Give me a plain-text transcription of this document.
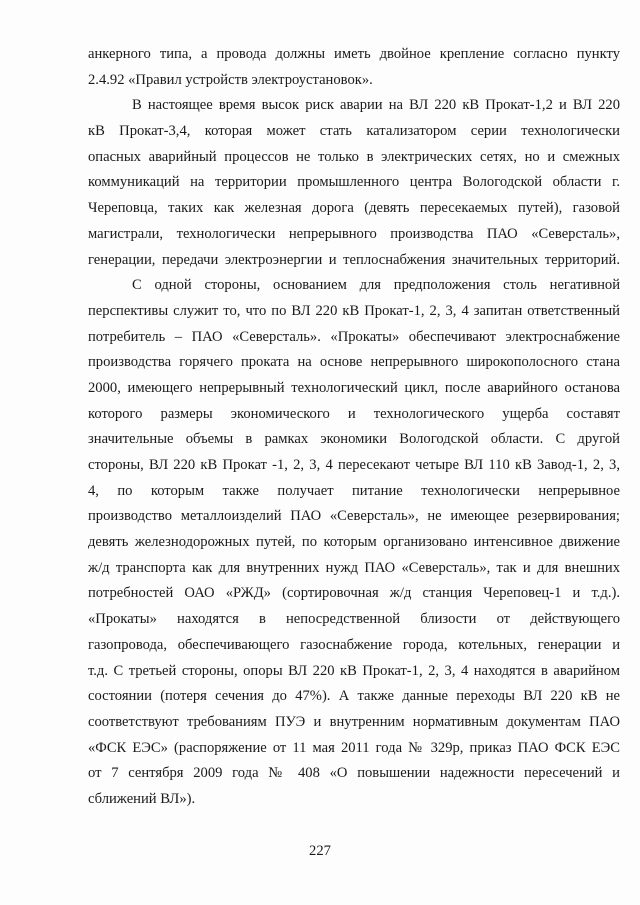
анкерного типа, а провода должны иметь двойное крепление согласно пункту
2.4.92 «Правил устройств электроустановок».
В настоящее время высок риск аварии на ВЛ 220 кВ Прокат-1,2 и ВЛ 220
кВ Прокат-3,4, которая может стать катализатором серии технологически
опасных аварийный процессов не только в электрических сетях, но и смежных
коммуникаций на территории промышленного центра Вологодской области г.
Череповца, таких как железная дорога (девять пересекаемых путей), газовой
магистрали, технологически непрерывного производства ПАО «Северсталь»,
генерации, передачи электроэнергии и теплоснабжения значительных территорий.
С одной стороны, основанием для предположения столь негативной
перспективы служит то, что по ВЛ 220 кВ Прокат-1, 2, 3, 4 запитан ответственный
потребитель – ПАО «Северсталь». «Прокаты» обеспечивают электроснабжение
производства горячего проката на основе непрерывного широкополосного стана
2000, имеющего непрерывный технологический цикл, после аварийного останова
которого размеры экономического и технологического ущерба составят
значительные объемы в рамках экономики Вологодской области. С другой
стороны, ВЛ 220 кВ Прокат -1, 2, 3, 4 пересекают четыре ВЛ 110 кВ Завод-1, 2, 3,
4, по которым также получает питание технологически непрерывное
производство металлоизделий ПАО «Северсталь», не имеющее резервирования;
девять железнодорожных путей, по которым организовано интенсивное движение
ж/д транспорта как для внутренних нужд ПАО «Северсталь», так и для внешних
потребностей ОАО «РЖД» (сортировочная ж/д станция Череповец-1 и т.д.).
«Прокаты» находятся в непосредственной близости от действующего
газопровода, обеспечивающего газоснабжение города, котельных, генерации и
т.д. С третьей стороны, опоры ВЛ 220 кВ Прокат-1, 2, 3, 4 находятся в аварийном
состоянии (потеря сечения до 47%). А также данные переходы ВЛ 220 кВ не
соответствуют требованиям ПУЭ и внутренним нормативным документам ПАО
«ФСК ЕЭС» (распоряжение от 11 мая 2011 года № 329р, приказ ПАО ФСК ЕЭС
от 7 сентября 2009 года № 408 «О повышении надежности пересечений и
сближений ВЛ»).
227
